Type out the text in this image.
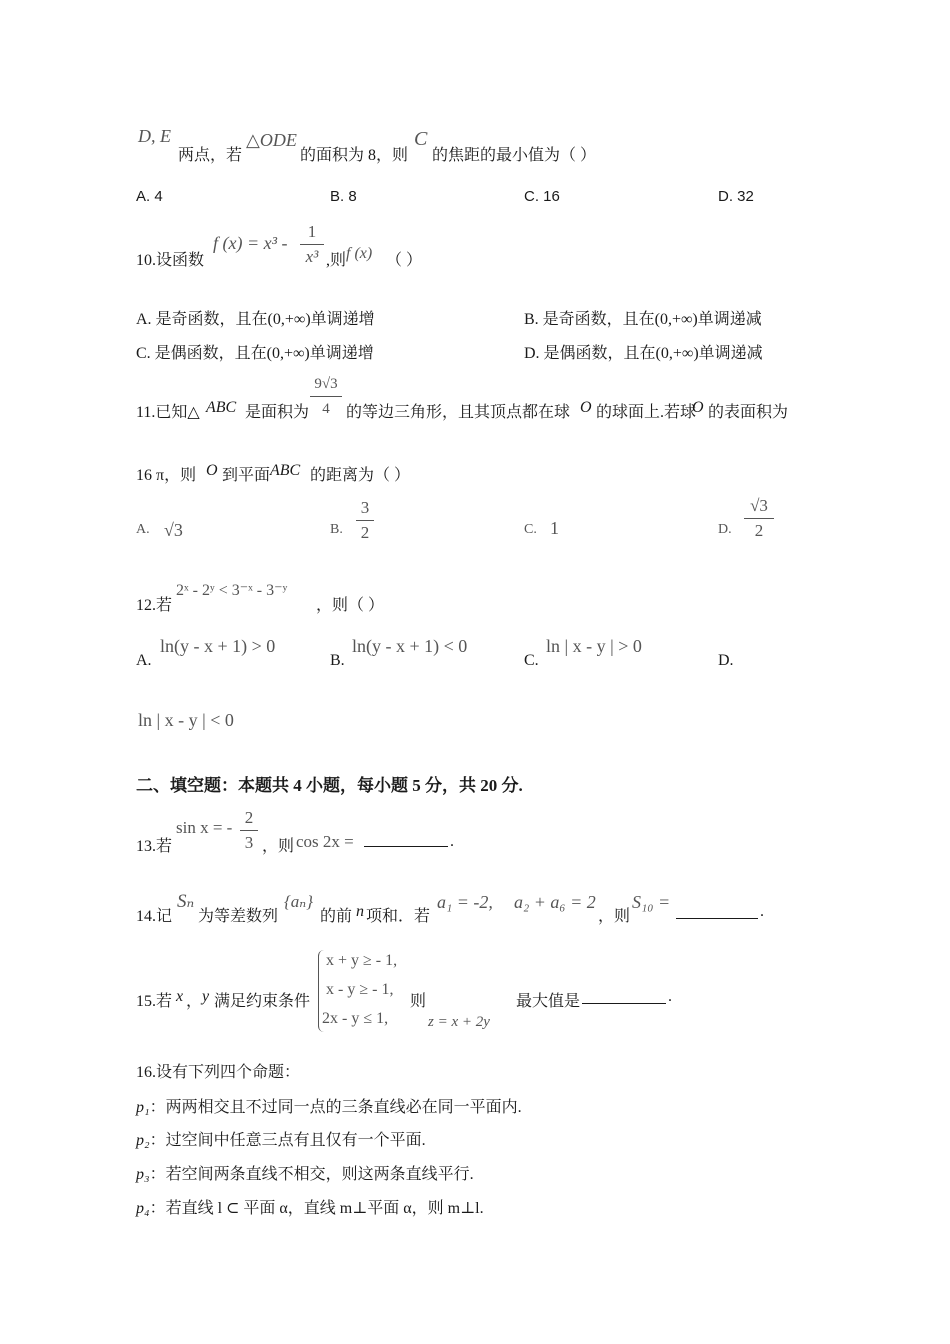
D, E
两点，若
△ODE
的面积为 8，则
C
的焦距的最小值为（ ）
A. 4	B. 8	C. 16	D. 32
10.设函数
f (x) = x³ -
1
x³ ,则 f (x) （ ）
A. 是奇函数，且在(0,+∞)单调递增	B. 是奇函数，且在(0,+∞)单调递减
C. 是偶函数，且在(0,+∞)单调递增	D. 是偶函数，且在(0,+∞)单调递减
11.已知△ ABC 是面积为
9√3
4	的等边三角形，且其顶点都在球 O 的球面上.若球
O 的表面积为
16 π，则 O 到平面 ABC 的距离为（ ）
A. √3	B.
3
2	C. 1	D.
√3
2
12.若
2ˣ - 2ʸ < 3⁻ˣ - 3⁻ʸ
，则（ ）
A.
ln(y - x + 1) > 0
B.
ln(y - x + 1) < 0
C.
ln | x - y | > 0
D.
ln | x - y | < 0
二、填空题：本题共 4 小题，每小题 5 分，共 20 分.
13.若
sin x = -
2
3 ，则 cos 2x =	.
14.记
Sₙ
为等差数列
{aₙ}
的前 n 项和．若
a₁ = -2, a₂ + a₆ = 2
，则
S₁₀ =	.
15.若 x ， y 满足约束条件
x + y ≥ - 1,
x - y ≥ - 1,
2x - y ≤ 1,
则
z = x + 2y
最大值是	.
16.设有下列四个命题：
p₁：两两相交且不过同一点的三条直线必在同一平面内.
p₂：过空间中任意三点有且仅有一个平面.
p₃：若空间两条直线不相交，则这两条直线平行.
p₄：若直线 l ⊂ 平面 α，直线 m⊥平面 α，则 m⊥l.
